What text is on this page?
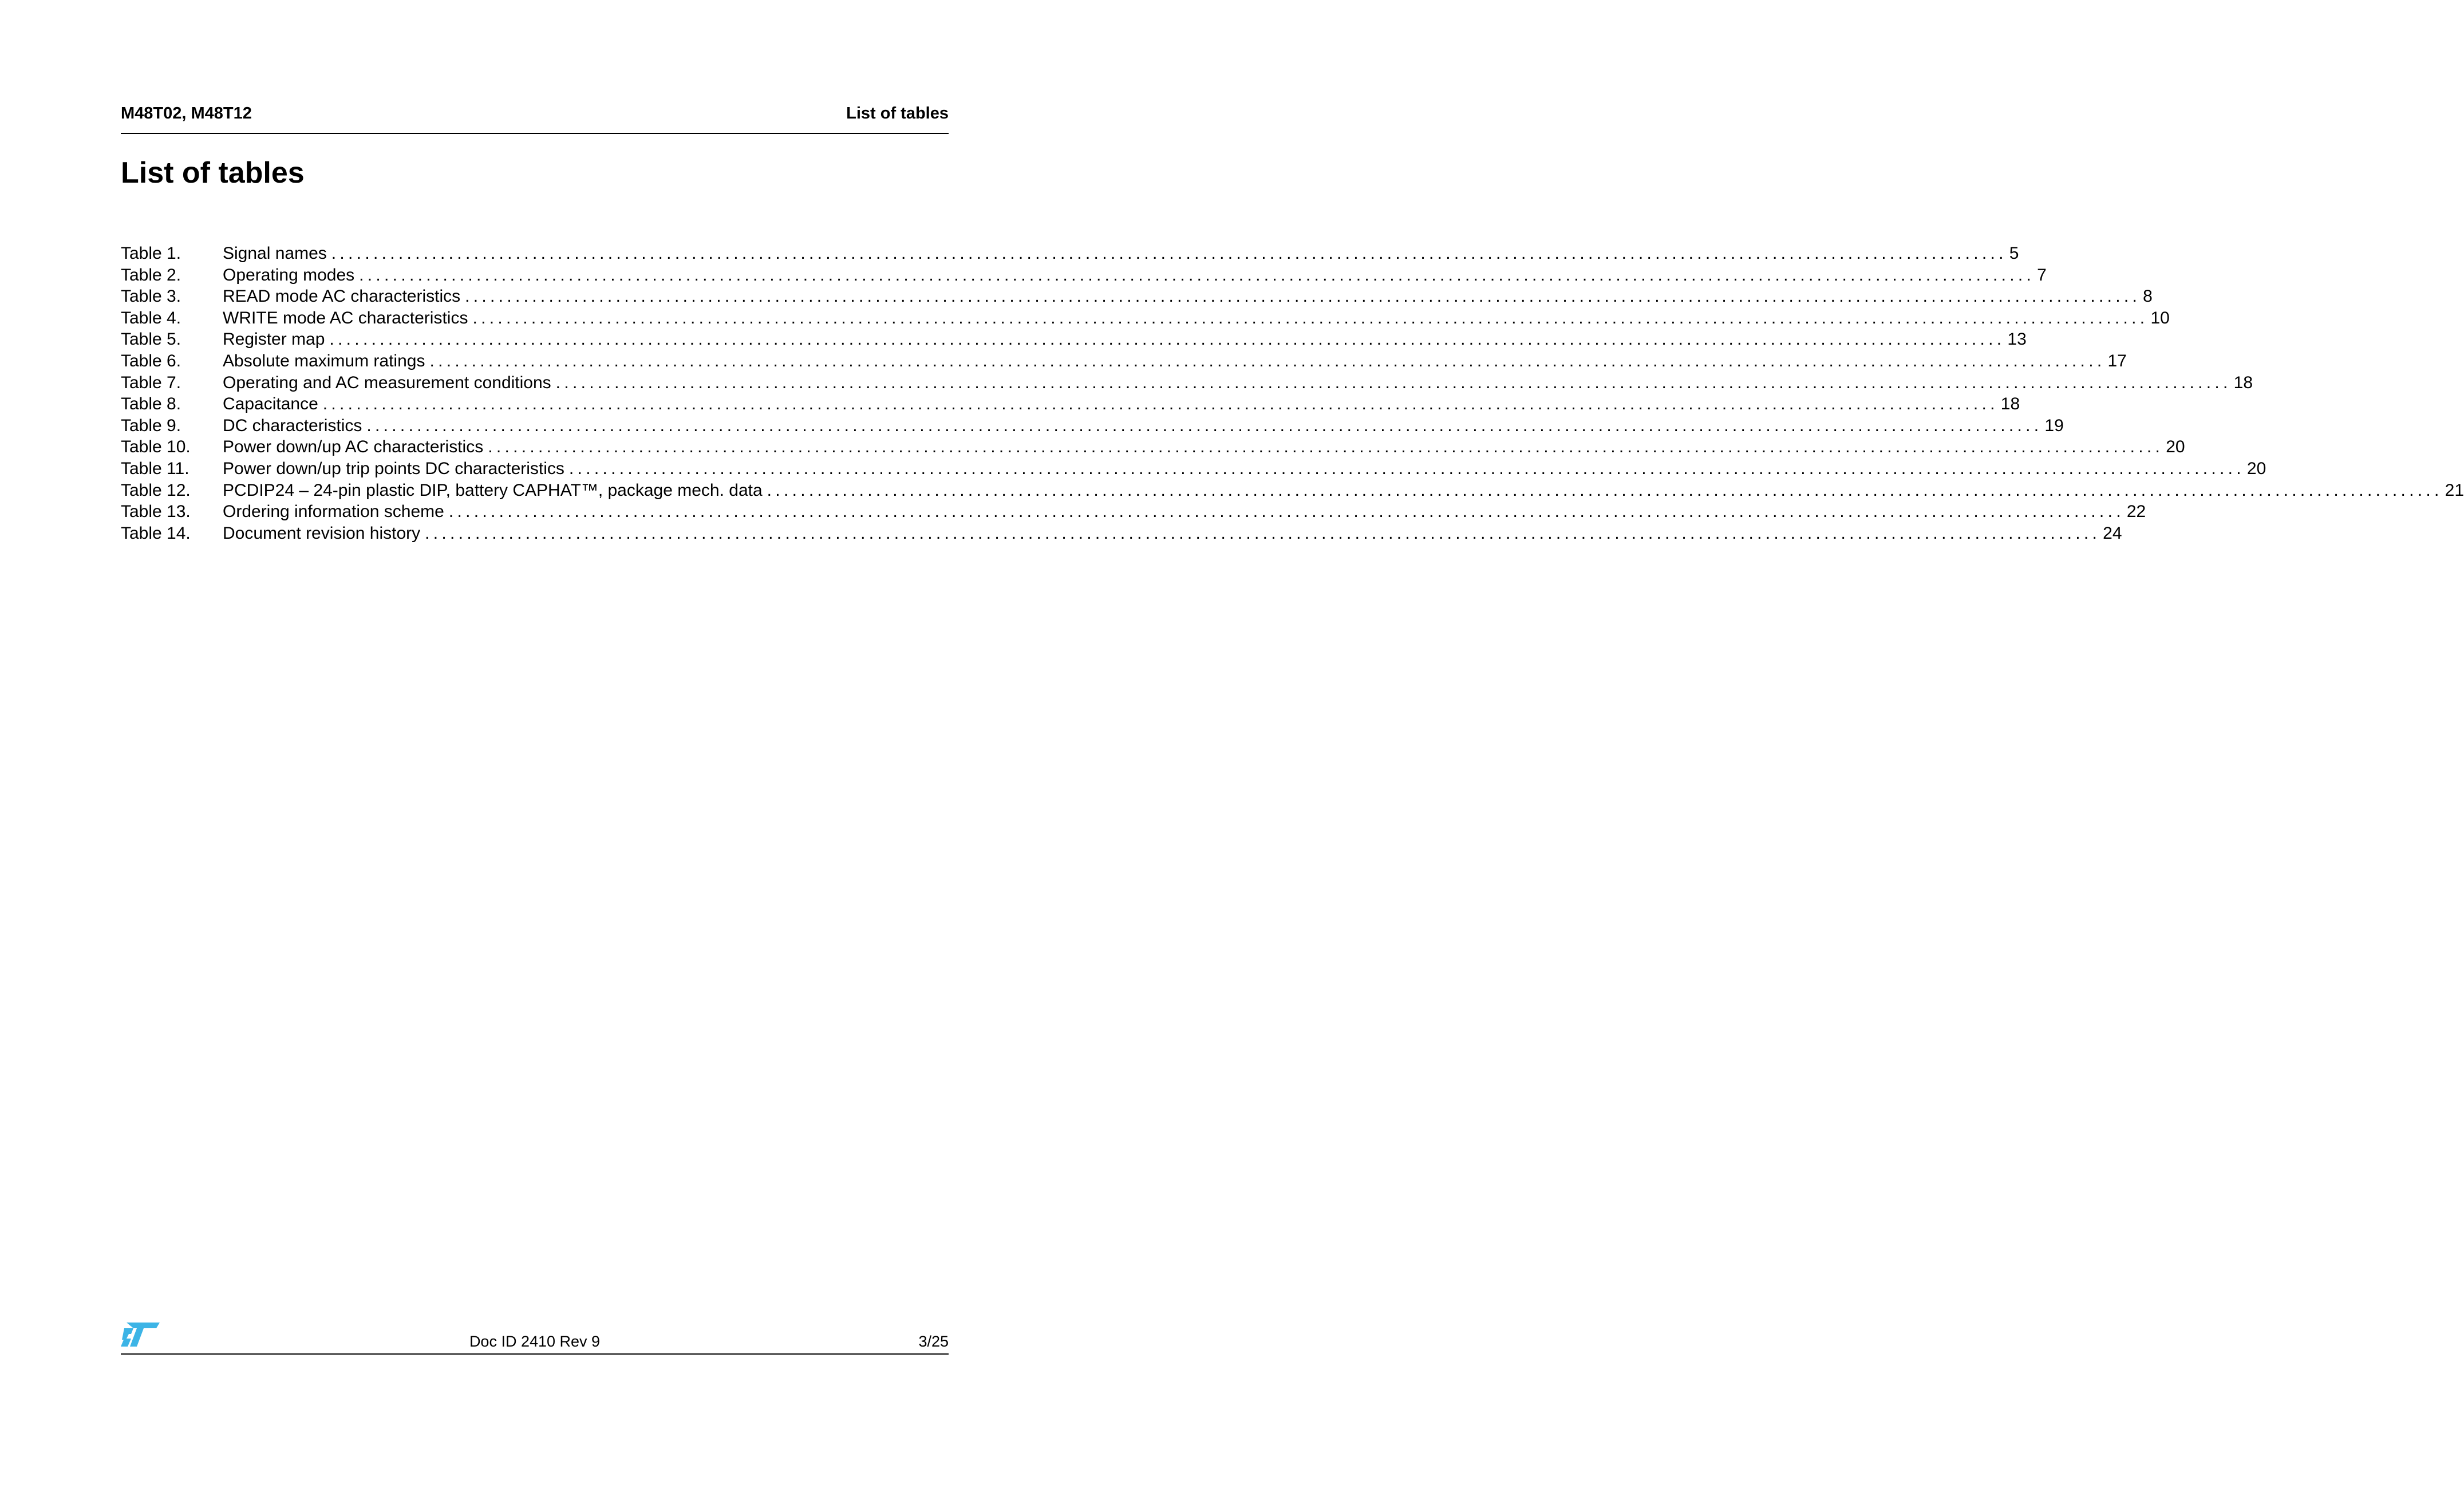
M48T02, M48T12	List of tables
List of tables
Table 1. Signal names ........................................................................................................................................................................................................ 5
Table 2. Operating modes ........................................................................................................................................................................................................ 7
Table 3. READ mode AC characteristics ........................................................................................................................................................................................................ 8
Table 4. WRITE mode AC characteristics ........................................................................................................................................................................................................ 10
Table 5. Register map ........................................................................................................................................................................................................ 13
Table 6. Absolute maximum ratings ........................................................................................................................................................................................................ 17
Table 7. Operating and AC measurement conditions ........................................................................................................................................................................................................ 18
Table 8. Capacitance ........................................................................................................................................................................................................ 18
Table 9. DC characteristics ........................................................................................................................................................................................................ 19
Table 10. Power down/up AC characteristics ........................................................................................................................................................................................................ 20
Table 11. Power down/up trip points DC characteristics ........................................................................................................................................................................................................ 20
Table 12. PCDIP24 – 24-pin plastic DIP, battery CAPHAT™, package mech. data ........................................................................................................................................................................................................ 21
Table 13. Ordering information scheme ........................................................................................................................................................................................................ 22
Table 14. Document revision history ........................................................................................................................................................................................................ 24
Doc ID 2410 Rev 9	3/25
